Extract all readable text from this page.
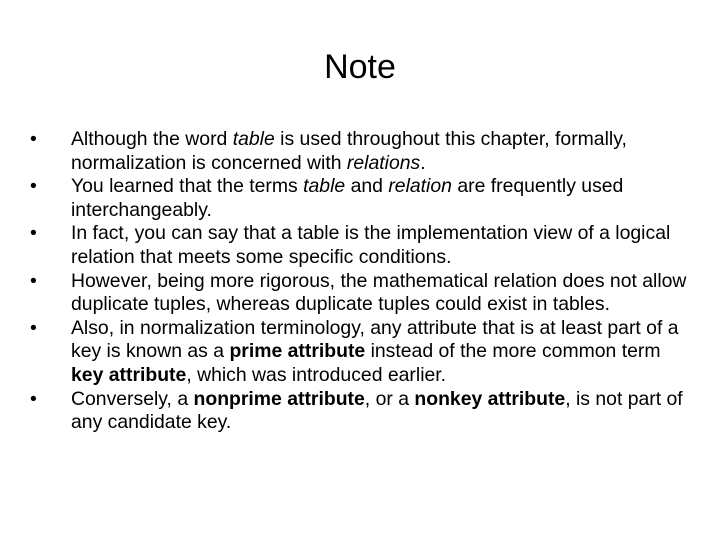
Note
•	Although the word table is used throughout this chapter, formally, normalization is concerned with relations.
•	You learned that the terms table and relation are frequently used interchangeably.
•	In fact, you can say that a table is the implementation view of a logical relation that meets some specific conditions.
•	However, being more rigorous, the mathematical relation does not allow duplicate tuples, whereas duplicate tuples could exist in tables.
•	Also, in normalization terminology, any attribute that is at least part of a key is known as a prime attribute instead of the more common term key attribute, which was introduced earlier.
•	Conversely, a nonprime attribute, or a nonkey attribute, is not part of any candidate key.
